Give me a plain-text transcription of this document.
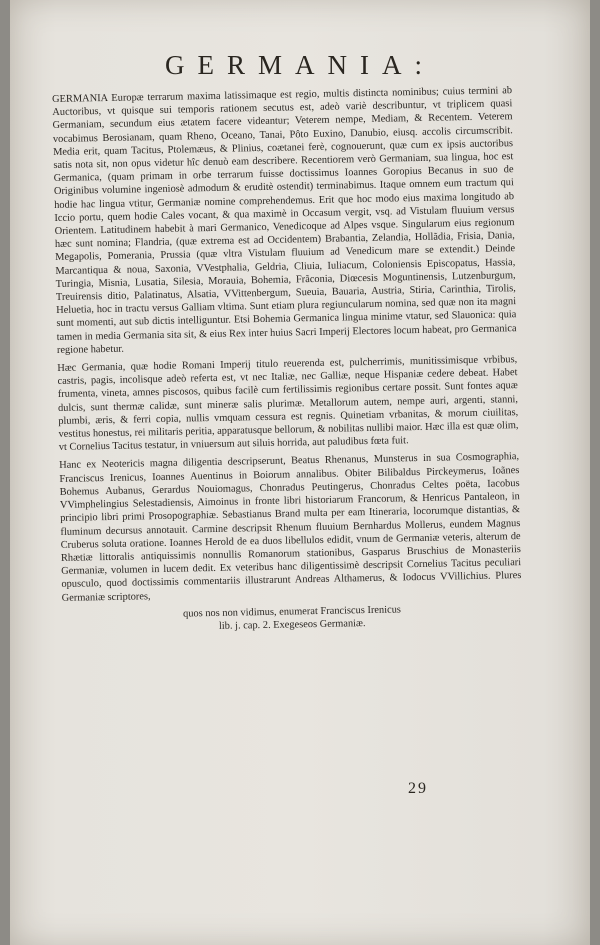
GERMANIA:

GERMANIA Europæ terrarum maxima latissimaque est regio, multis distincta nominibus; cuius termini ab Auctoribus, vt quisque sui temporis rationem secutus est, adeò variè describuntur, vt triplicem quasi Germaniam, secundum eius ætatem facere videantur; Veterem nempe, Mediam, & Recentem. Veterem vocabimus Berosianam, quam Rheno, Oceano, Tanai, Pôto Euxino, Danubio, eiusq. accolis circumscribit. Media erit, quam Tacitus, Ptolemæus, & Plinius, coætanei ferè, cognouerunt, quæ cum ex ipsis auctoribus satis nota sit, non opus videtur hîc denuò eam describere. Recentiorem verò Germaniam, sua lingua, hoc est Germanica, (quam primam in orbe terrarum fuisse doctissimus Ioannes Goropius Becanus in suo de Originibus volumine ingeniosè admodum & eruditè ostendit) terminabimus. Itaque omnem eum tractum qui hodie hac lingua vtitur, Germaniæ nomine comprehendemus. Erit que hoc modo eius maxima longitudo ab Iccio portu, quem hodie Cales vocant, & qua maximè in Occasum vergit, vsq. ad Vistulam fluuium versus Orientem. Latitudinem habebit à mari Germanico, Venedicoque ad Alpes vsque. Singularum eius regionum hæc sunt nomina; Flandria, (quæ extrema est ad Occidentem) Brabantia, Zelandia, Hollãdia, Frisia, Dania, Megapolis, Pomerania, Prussia (quæ vltra Vistulam fluuium ad Venedicum mare se extendit.) Deinde Marcantiqua & noua, Saxonia, VVestphalia, Geldria, Cliuia, Iuliacum, Coloniensis Episcopatus, Hassia, Turingia, Misnia, Lusatia, Silesia, Morauia, Bohemia, Frãconia, Diœcesis Moguntinensis, Lutzenburgum, Treuirensis ditio, Palatinatus, Alsatia, VVittenbergum, Sueuia, Bauaria, Austria, Stiria, Carinthia, Tirolis, Heluetia, hoc in tractu versus Galliam vltima. Sunt etiam plura regiuncularum nomina, sed quæ non ita magni sunt momenti, aut sub dictis intelliguntur. Etsi Bohemia Germanica lingua minime vtatur, sed Slauonica: quia tamen in media Germania sita sit, & eius Rex inter huius Sacri Imperij Electores locum habeat, pro Germanica regione habetur.

Hæc Germania, quæ hodie Romani Imperij titulo reuerenda est, pulcherrimis, munitissimisque vrbibus, castris, pagis, incolisque adeò referta est, vt nec Italiæ, nec Galliæ, neque Hispaniæ cedere debeat. Habet frumenta, vineta, amnes piscosos, quibus facilè cum fertilissimis regionibus certare possit. Sunt fontes aquæ dulcis, sunt thermæ calidæ, sunt mineræ salis plurimæ. Metallorum autem, nempe auri, argenti, stanni, plumbi, æris, & ferri copia, nullis vmquam cessura est regnis. Quinetiam vrbanitas, & morum ciuilitas, vestitus honestus, rei militaris peritia, apparatusque bellorum, & nobilitas nullibi maior. Hæc illa est quæ olim, vt Cornelius Tacitus testatur, in vniuersum aut siluis horrida, aut paludibus fœta fuit.

Hanc ex Neotericis magna diligentia descripserunt, Beatus Rhenanus, Munsterus in sua Cosmographia, Franciscus Irenicus, Ioannes Auentinus in Boiorum annalibus. Obiter Bilibaldus Pirckeymerus, Ioãnes Bohemus Aubanus, Gerardus Nouiomagus, Chonradus Peutingerus, Chonradus Celtes poëta, Iacobus VVimphelingius Selestadiensis, Aimoinus in fronte libri historiarum Francorum, & Henricus Pantaleon, in principio libri primi Prosopographiæ. Sebastianus Brand multa per eam Itineraria, locorumque distantias, & fluminum decursus annotauit. Carmine descripsit Rhenum fluuium Bernhardus Mollerus, eundem Magnus Cruberus soluta oratione. Ioannes Herold de ea duos libellulos edidit, vnum de Germaniæ veteris, alterum de Rhætiæ littoralis antiquissimis nonnullis Romanorum stationibus, Gasparus Bruschius de Monasteriis Germaniæ, volumen in lucem dedit. Ex veteribus hanc diligentissimè descripsit Cornelius Tacitus peculiari opusculo, quod doctissimis commentariis illustrarunt Andreas Althamerus, & Iodocus VVillichius. Plures Germaniæ scriptores,

quos nos non vidimus, enumerat Franciscus Irenicus

lib. j. cap. 2. Exegeseos Germaniæ.

29
